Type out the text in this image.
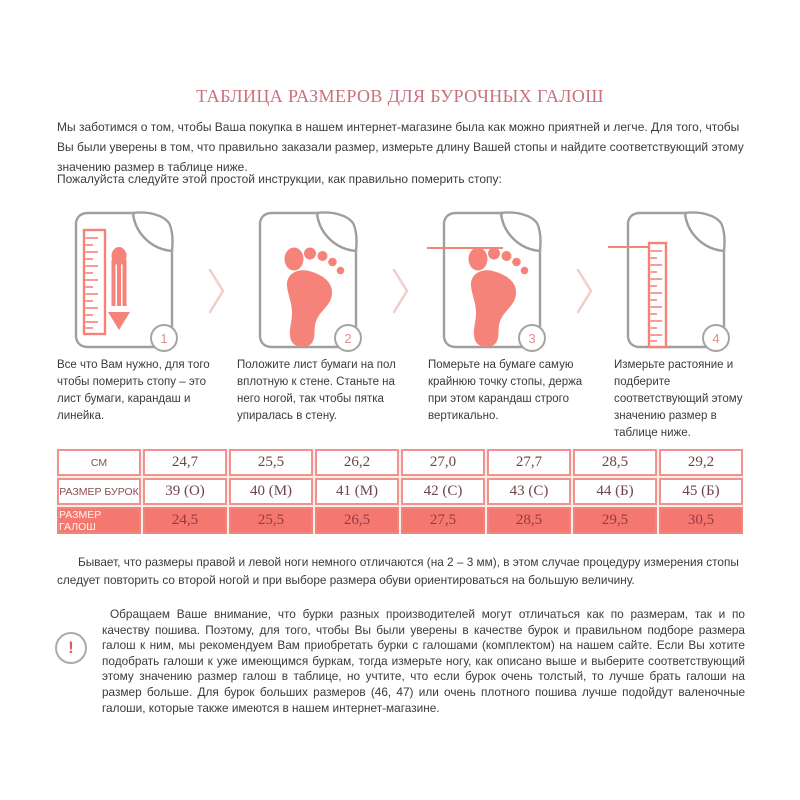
ТАБЛИЦА РАЗМЕРОВ ДЛЯ БУРОЧНЫХ ГАЛОШ
Мы заботимся о том, чтобы Ваша покупка в нашем интернет-магазине была как можно приятней и легче. Для того, чтобы Вы были уверены в том, что правильно заказали размер, измерьте длину Вашей стопы и найдите соответствующий этому значению размер в таблице ниже.
Пожалуйста следуйте этой простой инструкции, как правильно померить стопу:
1	2	3	4
Все что Вам нужно, для того чтобы померить стопу – это лист бумаги, карандаш и линейка.
Положите лист бумаги на пол вплотную к стене. Станьте на него ногой, так чтобы пятка упиралась в стену.
Померьте на бумаге самую крайнюю точку стопы, держа при этом карандаш строго вертикально.
Измерьте растояние и подберите соответствующий этому значению размер в таблице ниже.
СМ	24,7	25,5	26,2	27,0	27,7	28,5	29,2
РАЗМЕР БУРОК	39 (О)	40 (М)	41 (М)	42 (С)	43 (С)	44 (Б)	45 (Б)
РАЗМЕР ГАЛОШ	24,5	25,5	26,5	27,5	28,5	29,5	30,5
Бывает, что размеры правой и левой ноги немного отличаются (на 2 – 3 мм), в этом случае процедуру измерения стопы следует повторить со второй ногой и при выборе размера обуви ориентироваться на большую величину.
!
Обращаем Ваше внимание, что бурки разных производителей могут отличаться как по размерам, так и по качеству пошива. Поэтому, для того, чтобы Вы были уверены в качестве бурок и правильном подборе размера галош к ним, мы рекомендуем Вам приобретать бурки с галошами (комплектом) на нашем сайте. Если Вы хотите подобрать галоши к уже имеющимся буркам, тогда измерьте ногу, как описано выше и выберите соответствующий этому значению размер галош в таблице, но учтите, что если бурок очень толстый, то лучше брать галоши на размер больше. Для бурок больших размеров (46, 47) или очень плотного пошива лучше подойдут валеночные галоши, которые также имеются в нашем интернет-магазине.
